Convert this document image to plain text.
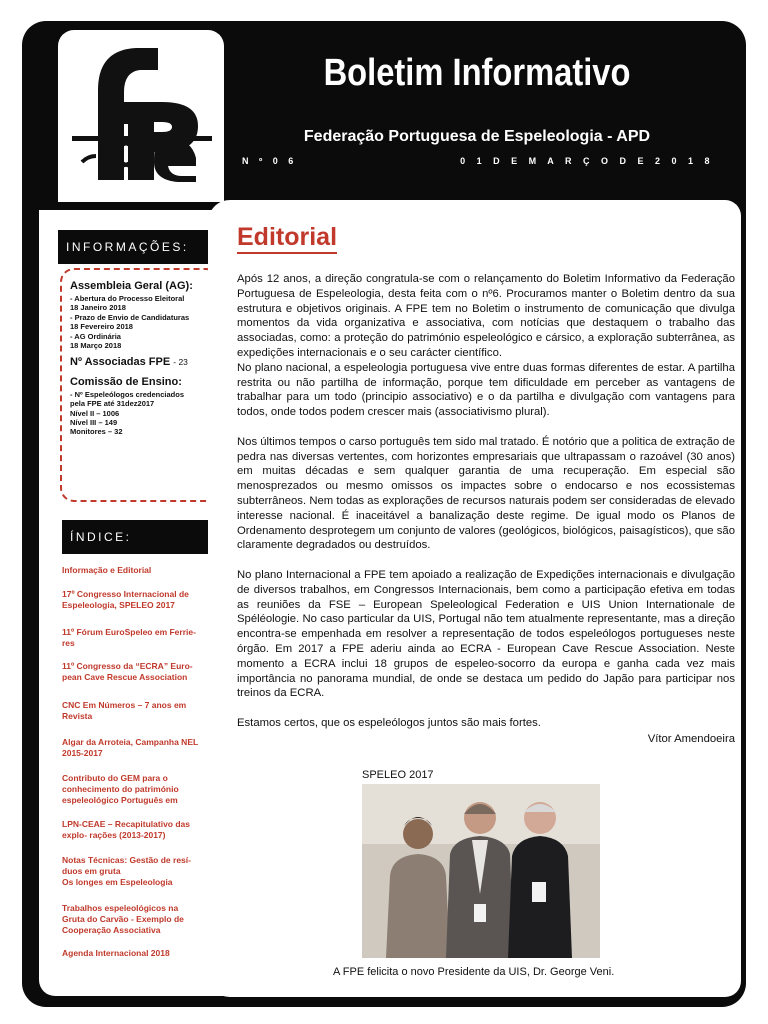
Boletim Informativo
Federação Portuguesa de Espeleologia - APD
N º 0 6	0 1 D E M A R Ç O D E 2 0 1 8
INFORMAÇÕES:
Assembleia Geral (AG):
- Abertura do Processo Eleitoral
18 Janeiro 2018
- Prazo de Envio de Candidaturas
18 Fevereiro 2018
- AG Ordinária
18 Março 2018
Nº Associadas FPE - 23
Comissão de Ensino:
- Nº Espeleólogos credenciados
pela FPE até 31dez2017
Nível II – 1006
Nível III – 149
Monitores – 32
ÍNDICE:
Informação e Editorial
17º Congresso Internacional de Espeleologia, SPELEO 2017
11º Fórum EuroSpeleo em Ferrie- res
11º Congresso da “ECRA” Euro- pean Cave Rescue Association
CNC Em Números – 7 anos em Revista
Algar da Arroteia, Campanha NEL 2015-2017
Contributo do GEM para o conhecimento do património espeleológico Português em
LPN-CEAE – Recapitulativo das explo- rações (2013-2017)
Notas Técnicas: Gestão de resí- duos em gruta
Os longes em Espeleologia
Trabalhos espeleológicos na Gruta do Carvão - Exemplo de Cooperação Associativa
Agenda Internacional 2018
Editorial

Após 12 anos, a direção congratula-se com o relançamento do Boletim Informativo da Federação Portuguesa de Espeleologia, desta feita com o nº6. Procuramos manter o Boletim dentro da sua estrutura e objetivos originais. A FPE tem no Boletim o instrumento de comunicação que divulga momentos da vida organizativa e associativa, com notícias que destaquem o trabalho das associadas, como: a proteção do património espeleológico e cársico, a exploração subterrânea, as expedições internacionais e o seu carácter científico.

No plano nacional, a espeleologia portuguesa vive entre duas formas diferentes de estar. A partilha restrita ou não partilha de informação, porque tem dificuldade em perceber as vantagens de trabalhar para um todo (principio associativo) e o da partilha e divulgação com vantagens para todos, onde todos podem crescer mais (associativismo plural).

Nos últimos tempos o carso português tem sido mal tratado. É notório que a politica de extração de pedra nas diversas vertentes, com horizontes empresariais que ultrapassam o razoável (30 anos) em muitas décadas e sem qualquer garantia de uma recuperação. Em especial são menosprezados ou mesmo omissos os impactes sobre o endocarso e nos ecossistemas subterrâneos. Nem todas as explorações de recursos naturais podem ser consideradas de elevado interesse nacional. É inaceitável a banalização deste regime. De igual modo os Planos de Ordenamento desprotegem um conjunto de valores (geológicos, biológicos, paisagísticos), que são claramente degradados ou destruídos.

No plano Internacional a FPE tem apoiado a realização de Expedições internacionais e divulgação de diversos trabalhos, em Congressos Internacionais, bem como a participação efetiva em todas as reuniões da FSE – European Speleological Federation e UIS Union Internationale de Spéléologie. No caso particular da UIS, Portugal não tem atualmente representante, mas a direção encontra-se empenhada em resolver a representação de todos espeleólogos portugueses neste órgão. Em 2017 a FPE aderiu ainda ao ECRA - European Cave Rescue Association. Neste momento a ECRA inclui 18 grupos de espeleo-socorro da europa e ganha cada vez mais importância no panorama mundial, de onde se destaca um pedido do Japão para participar nos treinos da ECRA.

Estamos certos, que os espeleólogos juntos são mais fortes.

Vítor Amendoeira
SPELEO 2017
A FPE felicita o novo Presidente da UIS, Dr. George Veni.
